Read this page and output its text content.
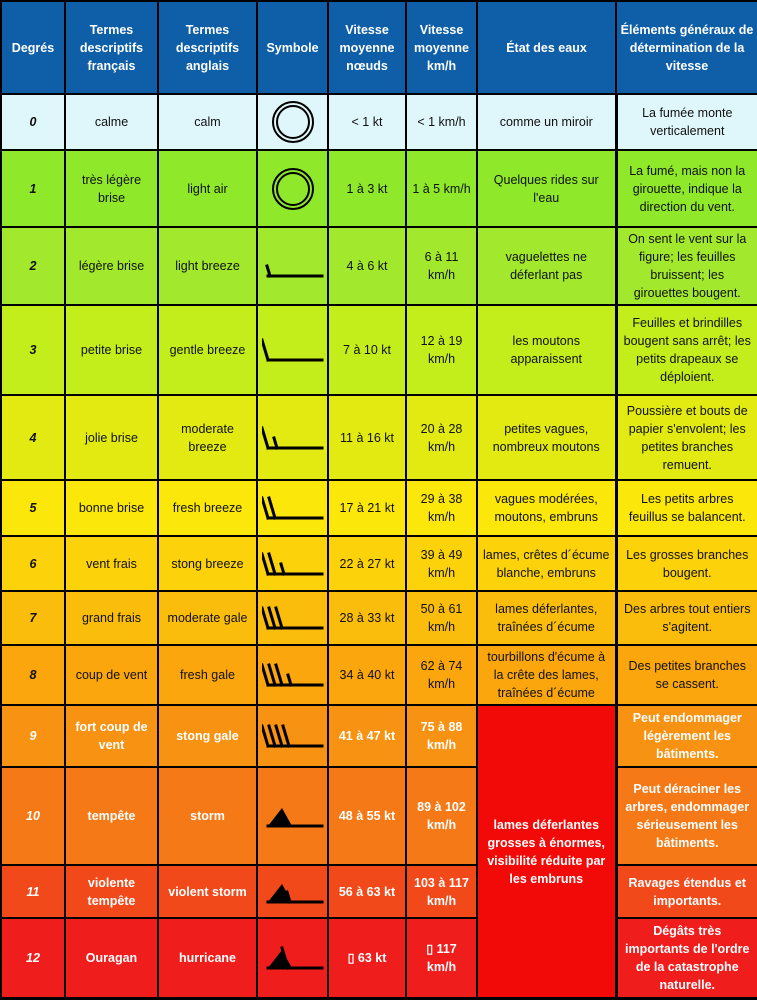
Degrés	Termes descriptifs français	Termes descriptifs anglais	Symbole	Vitesse moyenne nœuds	Vitesse moyenne km/h	État des eaux	Éléments généraux de détermination de la vitesse
0	calme	calm		< 1 kt	< 1 km/h	comme un miroir	La fumée monte verticalement
1	très légère brise	light air		1 à 3 kt	1 à 5 km/h	Quelques rides sur l'eau	La fumé, mais non la girouette, indique la direction du vent.
2	légère brise	light breeze		4 à 6 kt	6 à 11 km/h	vaguelettes ne déferlant pas	On sent le vent sur la figure; les feuilles bruissent; les girouettes bougent.
3	petite brise	gentle breeze		7 à 10 kt	12 à 19 km/h	les moutons apparaissent	Feuilles et brindilles bougent sans arrêt; les petits drapeaux se déploient.
4	jolie brise	moderate breeze		11 à 16 kt	20 à 28 km/h	petites vagues, nombreux moutons	Poussière et bouts de papier s'envolent; les petites branches remuent.
5	bonne brise	fresh breeze		17 à 21 kt	29 à 38 km/h	vagues modérées, moutons, embruns	Les petits arbres feuillus se balancent.
6	vent frais	stong breeze		22 à 27 kt	39 à 49 km/h	lames, crêtes d´écume blanche, embruns	Les grosses branches bougent.
7	grand frais	moderate gale		28 à 33 kt	50 à 61 km/h	lames déferlantes, traînées d´écume	Des arbres tout entiers s'agitent.
8	coup de vent	fresh gale		34 à 40 kt	62 à 74 km/h	tourbillons d'écume à la crête des lames, traînées d´écume	Des petites branches se cassent.
9	fort coup de vent	stong gale		41 à 47 kt	75 à 88 km/h	lames déferlantes grosses à énormes, visibilité réduite par les embruns	Peut endommager légèrement les bâtiments.
10	tempête	storm		48 à 55 kt	89 à 102 km/h		Peut déraciner les arbres, endommager sérieusement les bâtiments.
11	violente tempête	violent storm		56 à 63 kt	103 à 117 km/h		Ravages étendus et importants.
12	Ouragan	hurricane		▯ 63 kt	▯ 117 km/h		Dégâts très importants de l'ordre de la catastrophe naturelle.
